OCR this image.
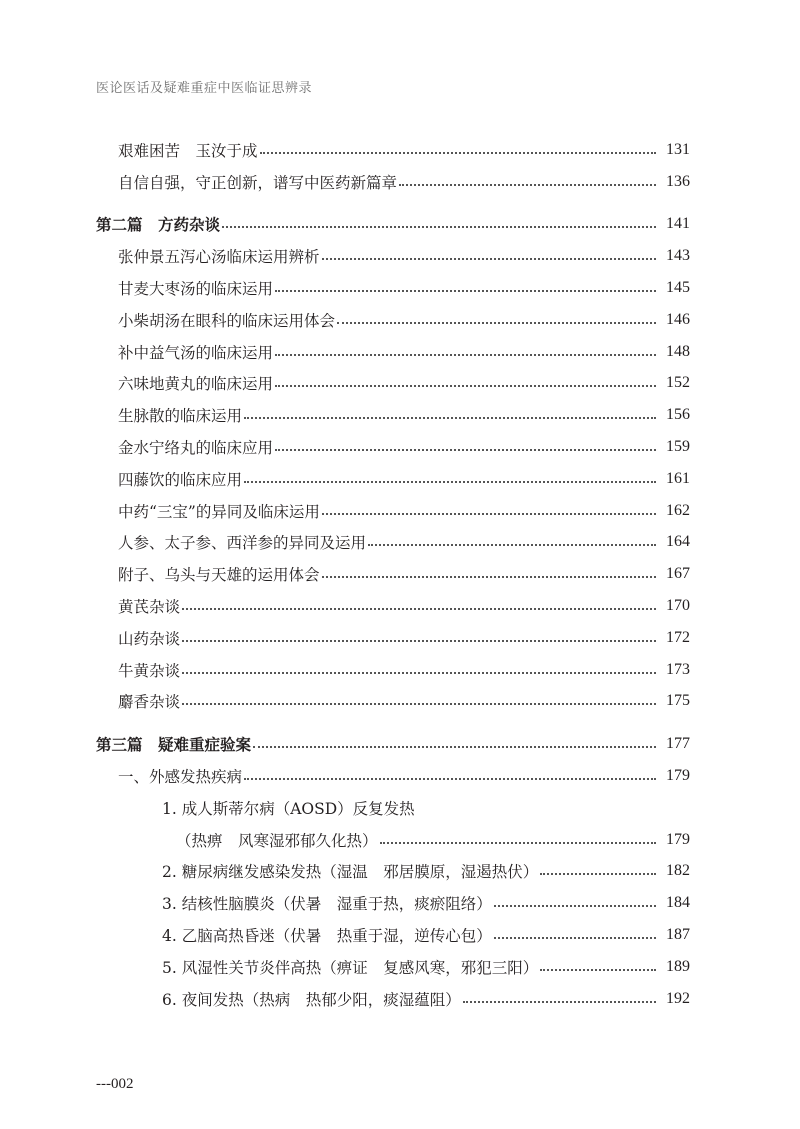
医论医话及疑难重症中医临证思辨录
艰难困苦　玉汝于成	131
自信自强，守正创新，谱写中医药新篇章	136
第二篇　方药杂谈	141
张仲景五泻心汤临床运用辨析	143
甘麦大枣汤的临床运用	145
小柴胡汤在眼科的临床运用体会	146
补中益气汤的临床运用	148
六味地黄丸的临床运用	152
生脉散的临床运用	156
金水宁络丸的临床应用	159
四藤饮的临床应用	161
中药“三宝”的异同及临床运用	162
人参、太子参、西洋参的异同及运用	164
附子、乌头与天雄的运用体会	167
黄芪杂谈	170
山药杂谈	172
牛黄杂谈	173
麝香杂谈	175
第三篇　疑难重症验案	177
一、外感发热疾病	179
1. 成人斯蒂尔病（AOSD）反复发热
（热痹　风寒湿邪郁久化热）	179
2. 糖尿病继发感染发热（湿温　邪居膜原，湿遏热伏）	182
3. 结核性脑膜炎（伏暑　湿重于热，痰瘀阻络）	184
4. 乙脑高热昏迷（伏暑　热重于湿，逆传心包）	187
5. 风湿性关节炎伴高热（痹证　复感风寒，邪犯三阳）	189
6. 夜间发热（热病　热郁少阳，痰湿蕴阻）	192
---002
